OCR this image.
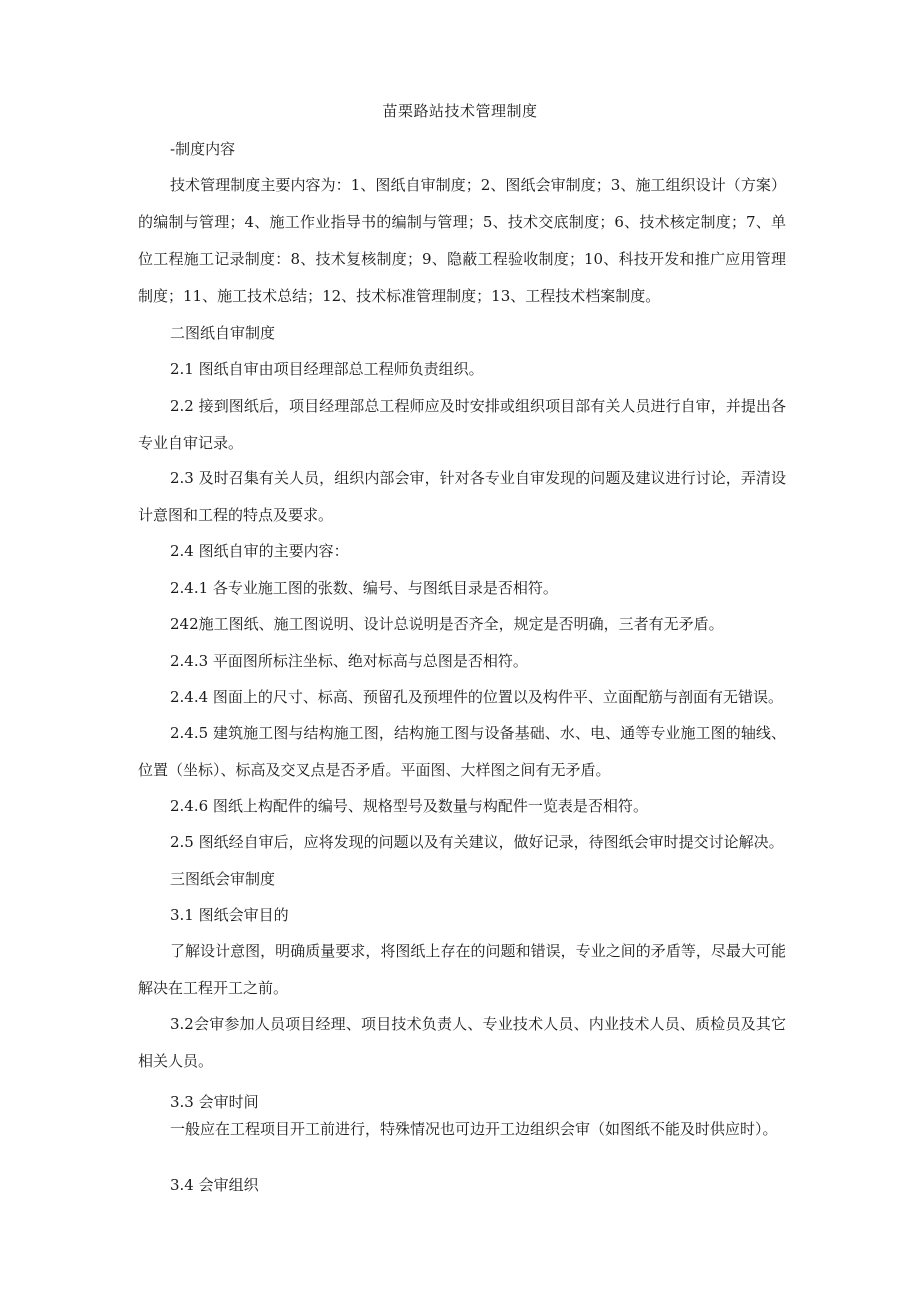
苗栗路站技术管理制度
-制度内容
技术管理制度主要内容为：1、图纸自审制度；2、图纸会审制度；3、施工组织设计（方案）的编制与管理；4、施工作业指导书的编制与管理；5、技术交底制度；6、技术核定制度；7、单位工程施工记录制度：8、技术复核制度；9、隐蔽工程验收制度；10、科技开发和推广应用管理制度；11、施工技术总结；12、技术标准管理制度；13、工程技术档案制度。
二图纸自审制度
2.1 图纸自审由项目经理部总工程师负责组织。
2.2 接到图纸后，项目经理部总工程师应及时安排或组织项目部有关人员进行自审，并提出各专业自审记录。
2.3 及时召集有关人员，组织内部会审，针对各专业自审发现的问题及建议进行讨论，弄清设计意图和工程的特点及要求。
2.4 图纸自审的主要内容：
2.4.1 各专业施工图的张数、编号、与图纸目录是否相符。
242施工图纸、施工图说明、设计总说明是否齐全，规定是否明确，三者有无矛盾。
2.4.3 平面图所标注坐标、绝对标高与总图是否相符。
2.4.4 图面上的尺寸、标高、预留孔及预埋件的位置以及构件平、立面配筋与剖面有无错误。
2.4.5 建筑施工图与结构施工图，结构施工图与设备基础、水、电、通等专业施工图的轴线、位置（坐标）、标高及交叉点是否矛盾。平面图、大样图之间有无矛盾。
2.4.6 图纸上构配件的编号、规格型号及数量与构配件一览表是否相符。
2.5 图纸经自审后，应将发现的问题以及有关建议，做好记录，待图纸会审时提交讨论解决。
三图纸会审制度
3.1 图纸会审目的
了解设计意图，明确质量要求，将图纸上存在的问题和错误，专业之间的矛盾等，尽最大可能解决在工程开工之前。
3.2会审参加人员项目经理、项目技术负责人、专业技术人员、内业技术人员、质检员及其它相关人员。
3.3 会审时间
一般应在工程项目开工前进行，特殊情况也可边开工边组织会审（如图纸不能及时供应时）。
3.4 会审组织
